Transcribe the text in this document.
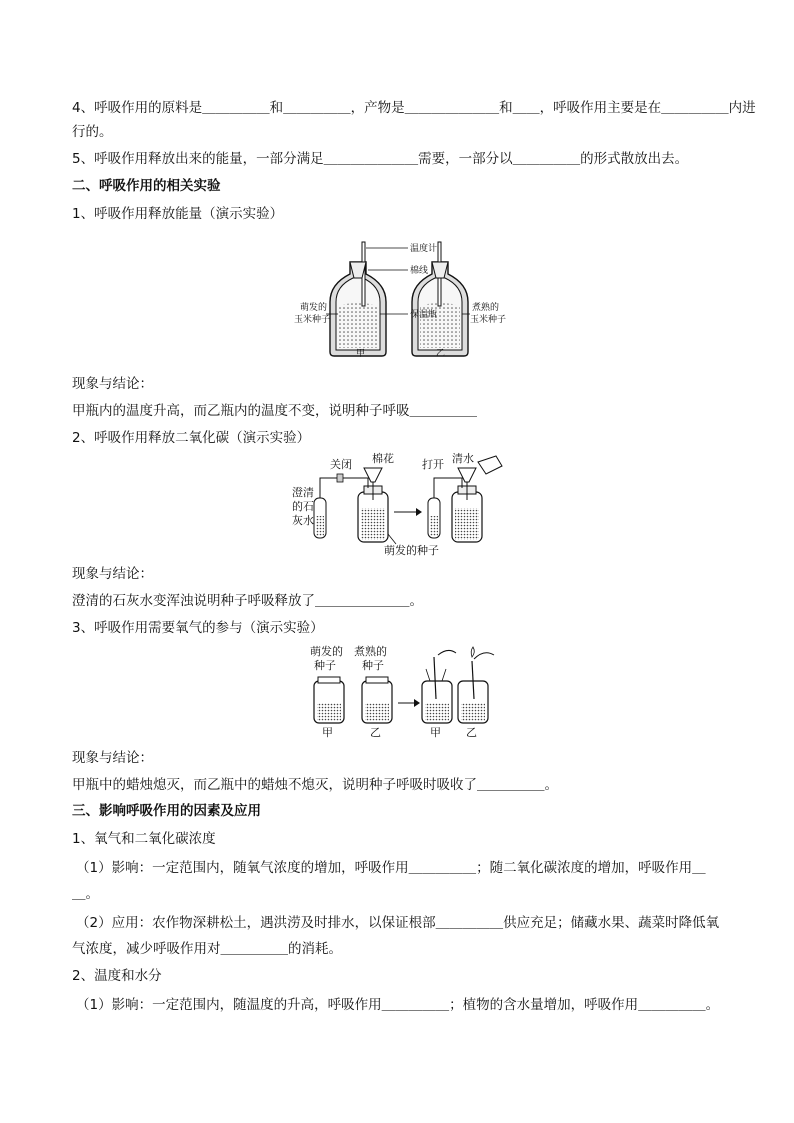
4、呼吸作用的原料是＿＿＿＿＿和＿＿＿＿＿，产物是＿＿＿＿＿＿＿和＿＿，呼吸作用主要是在＿＿＿＿＿内进
行的。
5、呼吸作用释放出来的能量，一部分满足＿＿＿＿＿＿＿需要，一部分以＿＿＿＿＿的形式散放出去。
二、呼吸作用的相关实验
1、呼吸作用释放能量（演示实验）
温度计
棉线
保温瓶
萌发的
玉米种子
煮熟的
玉米种子
甲	乙
现象与结论：
甲瓶内的温度升高，而乙瓶内的温度不变，说明种子呼吸＿＿＿＿＿
2、呼吸作用释放二氧化碳（演示实验）
关闭 棉花	打开 清水
澄清
的石
灰水
萌发的种子
现象与结论：
澄清的石灰水变浑浊说明种子呼吸释放了＿＿＿＿＿＿＿。
3、呼吸作用需要氧气的参与（演示实验）
萌发的
种子
煮熟的
种子
甲	乙	甲 乙
现象与结论：
甲瓶中的蜡烛熄灭，而乙瓶中的蜡烛不熄灭，说明种子呼吸时吸收了＿＿＿＿＿。
三、影响呼吸作用的因素及应用
1、氧气和二氧化碳浓度
（1）影响：一定范围内，随氧气浓度的增加，呼吸作用＿＿＿＿＿；随二氧化碳浓度的增加，呼吸作用＿
＿。
（2）应用：农作物深耕松土，遇洪涝及时排水，以保证根部＿＿＿＿＿供应充足；储藏水果、蔬菜时降低氧
气浓度，减少呼吸作用对＿＿＿＿＿的消耗。
2、温度和水分
（1）影响：一定范围内，随温度的升高，呼吸作用＿＿＿＿＿；植物的含水量增加，呼吸作用＿＿＿＿＿。
